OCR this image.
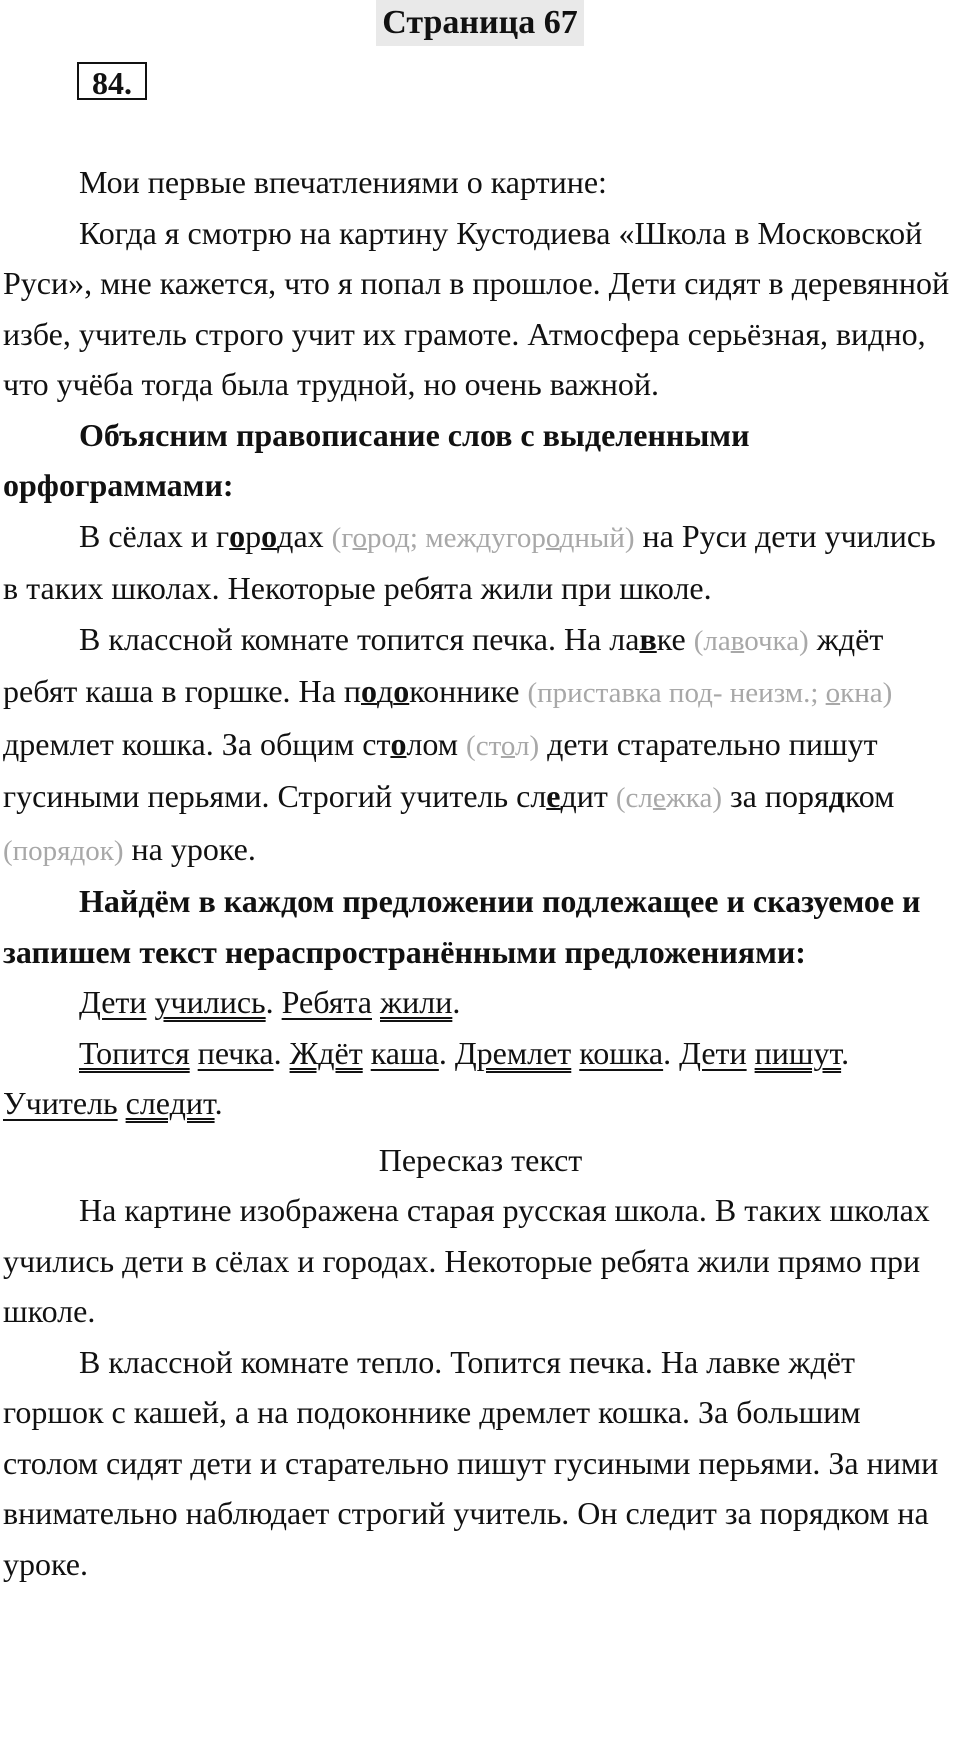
Страница 67
84.

Мои первые впечатлениями о картине:

Когда я смотрю на картину Кустодиева «Школа в Московской Руси», мне кажется, что я попал в прошлое. Дети сидят в деревянной избе, учитель строго учит их грамоте. Атмосфера серьёзная, видно, что учёба тогда была трудной, но очень важной.

Объясним правописание слов с выделенными орфограммами:

В сёлах и городах (город; междугородный) на Руси дети учились в таких школах. Некоторые ребята жили при школе.

В классной комнате топится печка. На лавке (лавочка) ждёт ребят каша в горшке. На подоконнике (приставка под- неизм.; окна) дремлет кошка. За общим столом (стол) дети старательно пишут гусиными перьями. Строгий учитель следит (слежка) за порядком (порядок) на уроке.

Найдём в каждом предложении подлежащее и сказуемое и запишем текст нераспространёнными предложениями:

Дети учились. Ребята жили.

Топится печка. Ждёт каша. Дремлет кошка. Дети пишут. Учитель следит.

Пересказ текст

На картине изображена старая русская школа. В таких школах учились дети в сёлах и городах. Некоторые ребята жили прямо при школе.

В классной комнате тепло. Топится печка. На лавке ждёт горшок с кашей, а на подоконнике дремлет кошка. За большим столом сидят дети и старательно пишут гусиными перьями. За ними внимательно наблюдает строгий учитель. Он следит за порядком на уроке.
